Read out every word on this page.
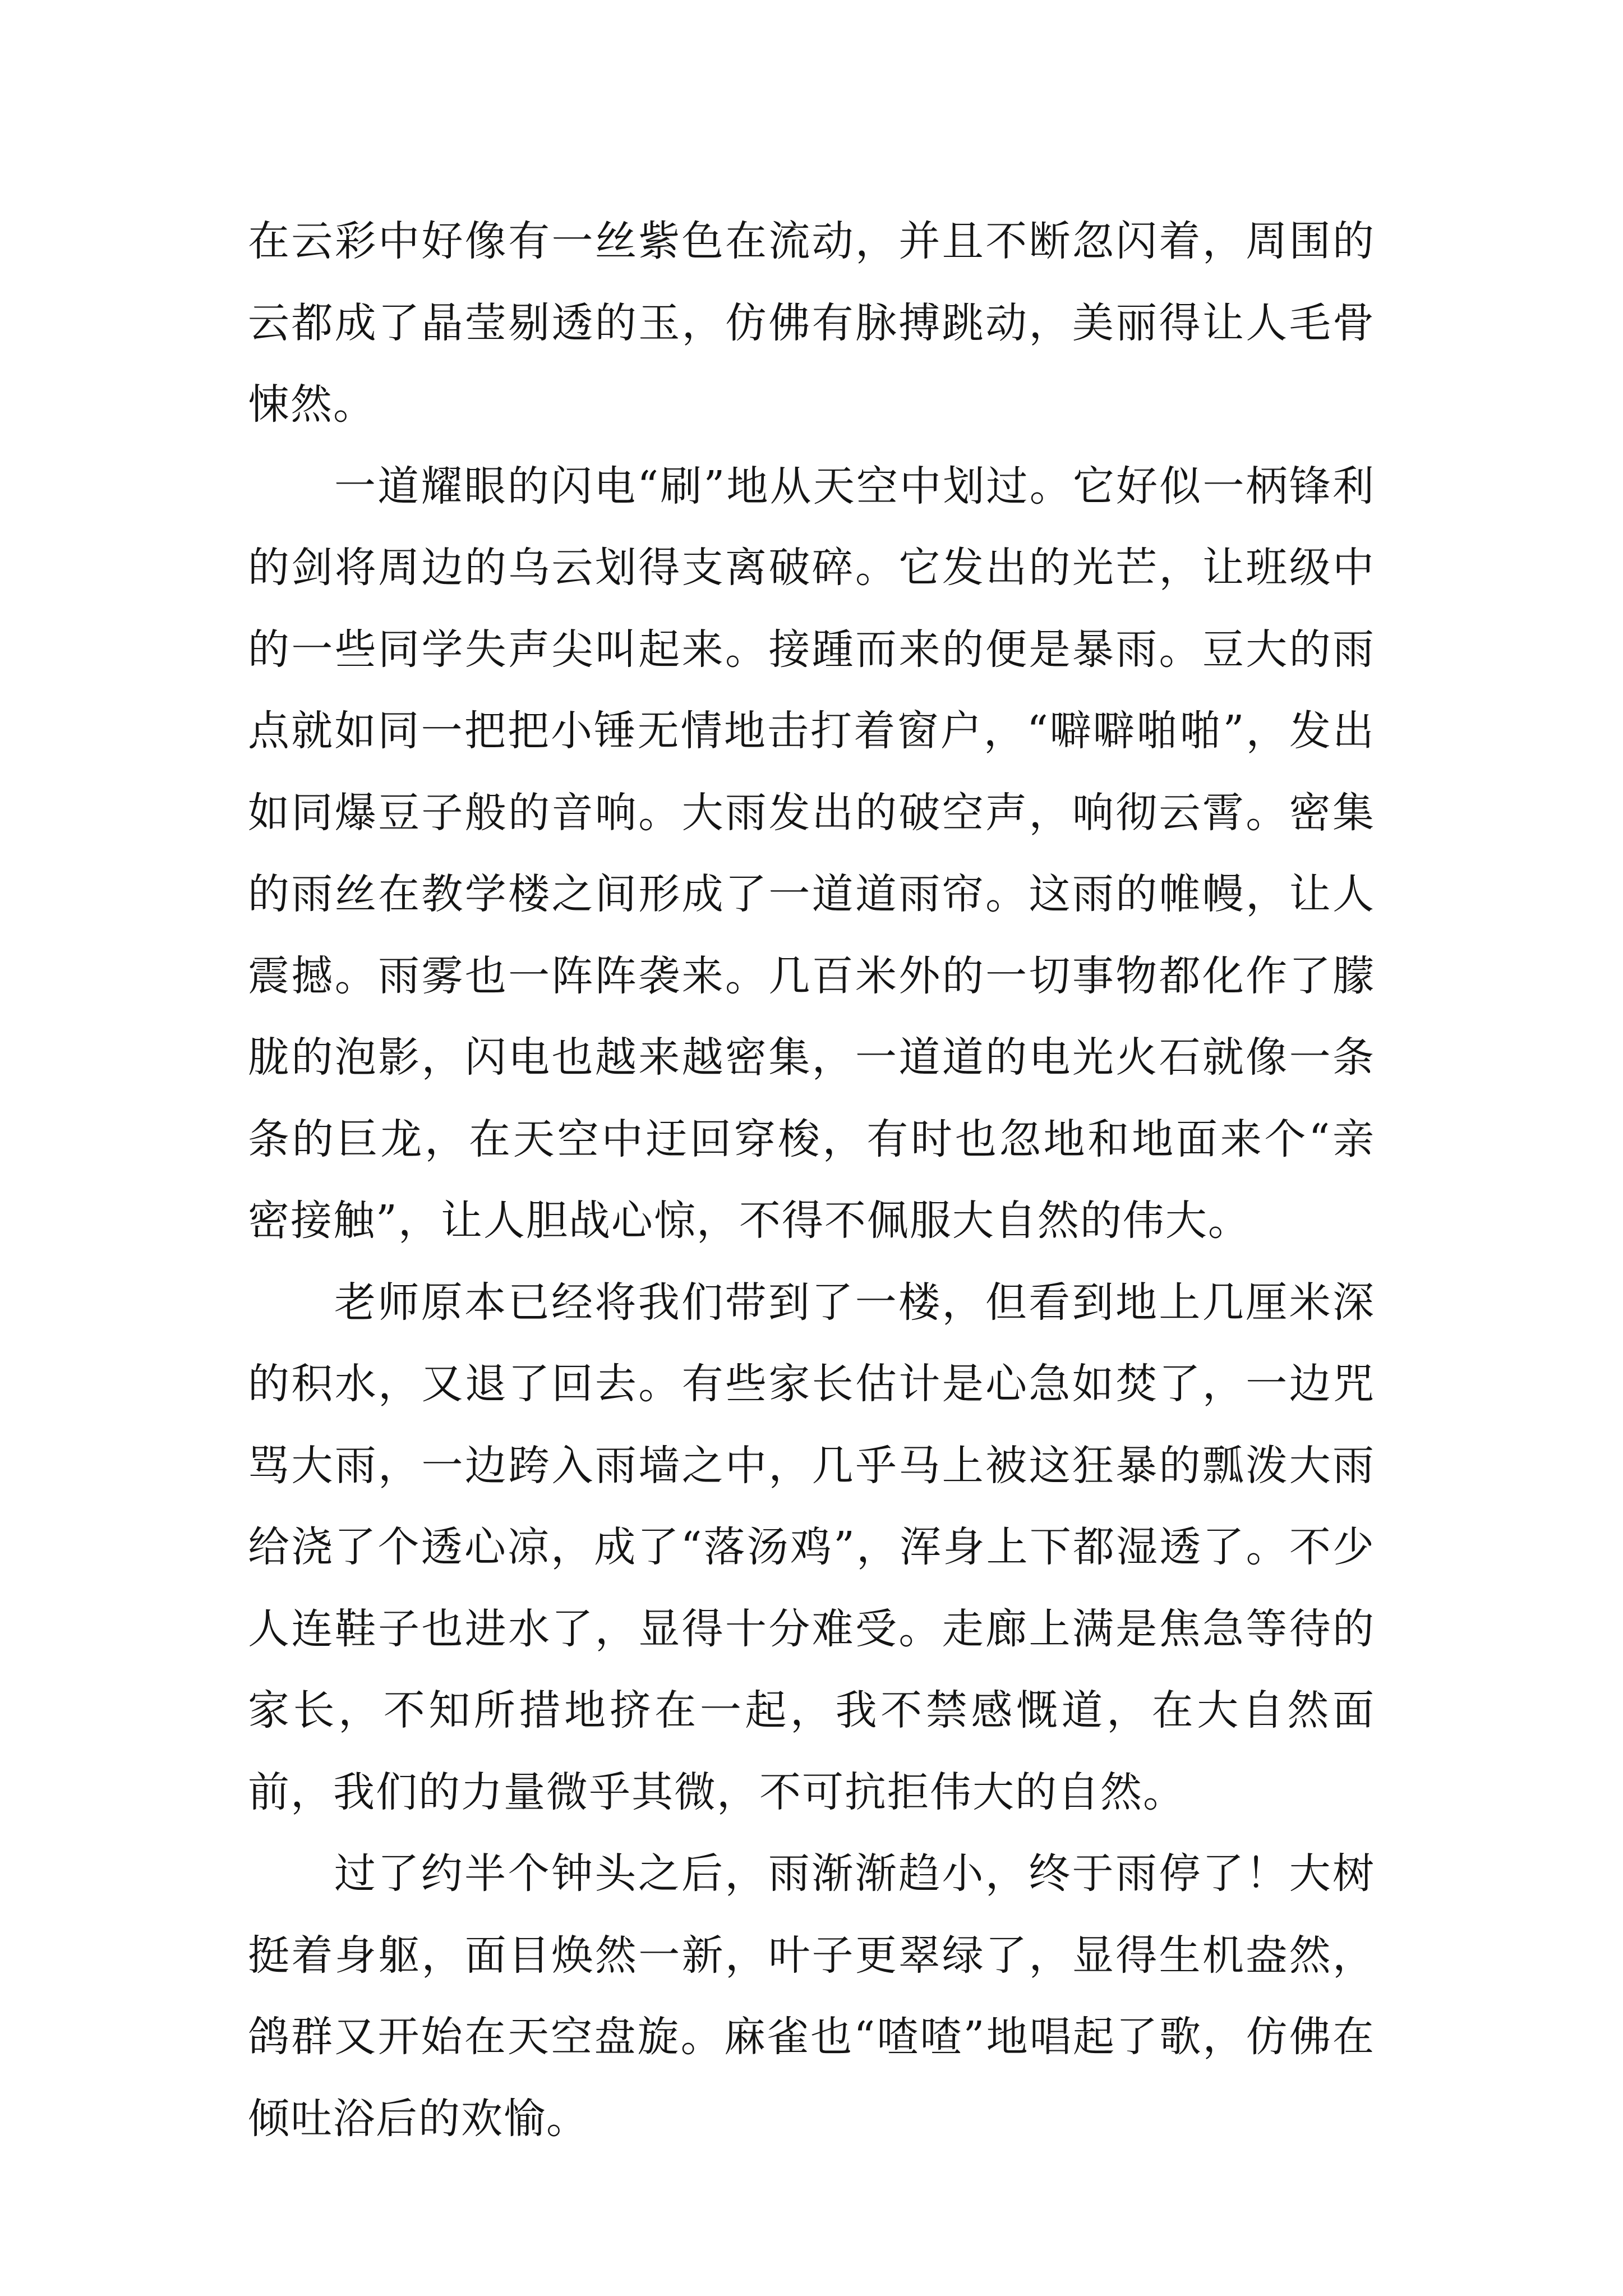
在云彩中好像有一丝紫色在流动，并且不断忽闪着，周围的云都成了晶莹剔透的玉，仿佛有脉搏跳动，美丽得让人毛骨悚然。

一道耀眼的闪电“刷”地从天空中划过。它好似一柄锋利的剑将周边的乌云划得支离破碎。它发出的光芒，让班级中的一些同学失声尖叫起来。接踵而来的便是暴雨。豆大的雨点就如同一把把小锤无情地击打着窗户，“噼噼啪啪”，发出如同爆豆子般的音响。大雨发出的破空声，响彻云霄。密集的雨丝在教学楼之间形成了一道道雨帘。这雨的帷幔，让人震撼。雨雾也一阵阵袭来。几百米外的一切事物都化作了朦胧的泡影，闪电也越来越密集，一道道的电光火石就像一条条的巨龙，在天空中迂回穿梭，有时也忽地和地面来个“亲密接触”，让人胆战心惊，不得不佩服大自然的伟大。

老师原本已经将我们带到了一楼，但看到地上几厘米深的积水，又退了回去。有些家长估计是心急如焚了，一边咒骂大雨，一边跨入雨墙之中，几乎马上被这狂暴的瓢泼大雨给浇了个透心凉，成了“落汤鸡”，浑身上下都湿透了。不少人连鞋子也进水了，显得十分难受。走廊上满是焦急等待的家长，不知所措地挤在一起，我不禁感慨道，在大自然面前，我们的力量微乎其微，不可抗拒伟大的自然。

过了约半个钟头之后，雨渐渐趋小，终于雨停了！大树挺着身躯，面目焕然一新，叶子更翠绿了，显得生机盎然，鸽群又开始在天空盘旋。麻雀也“喳喳”地唱起了歌，仿佛在倾吐浴后的欢愉。
